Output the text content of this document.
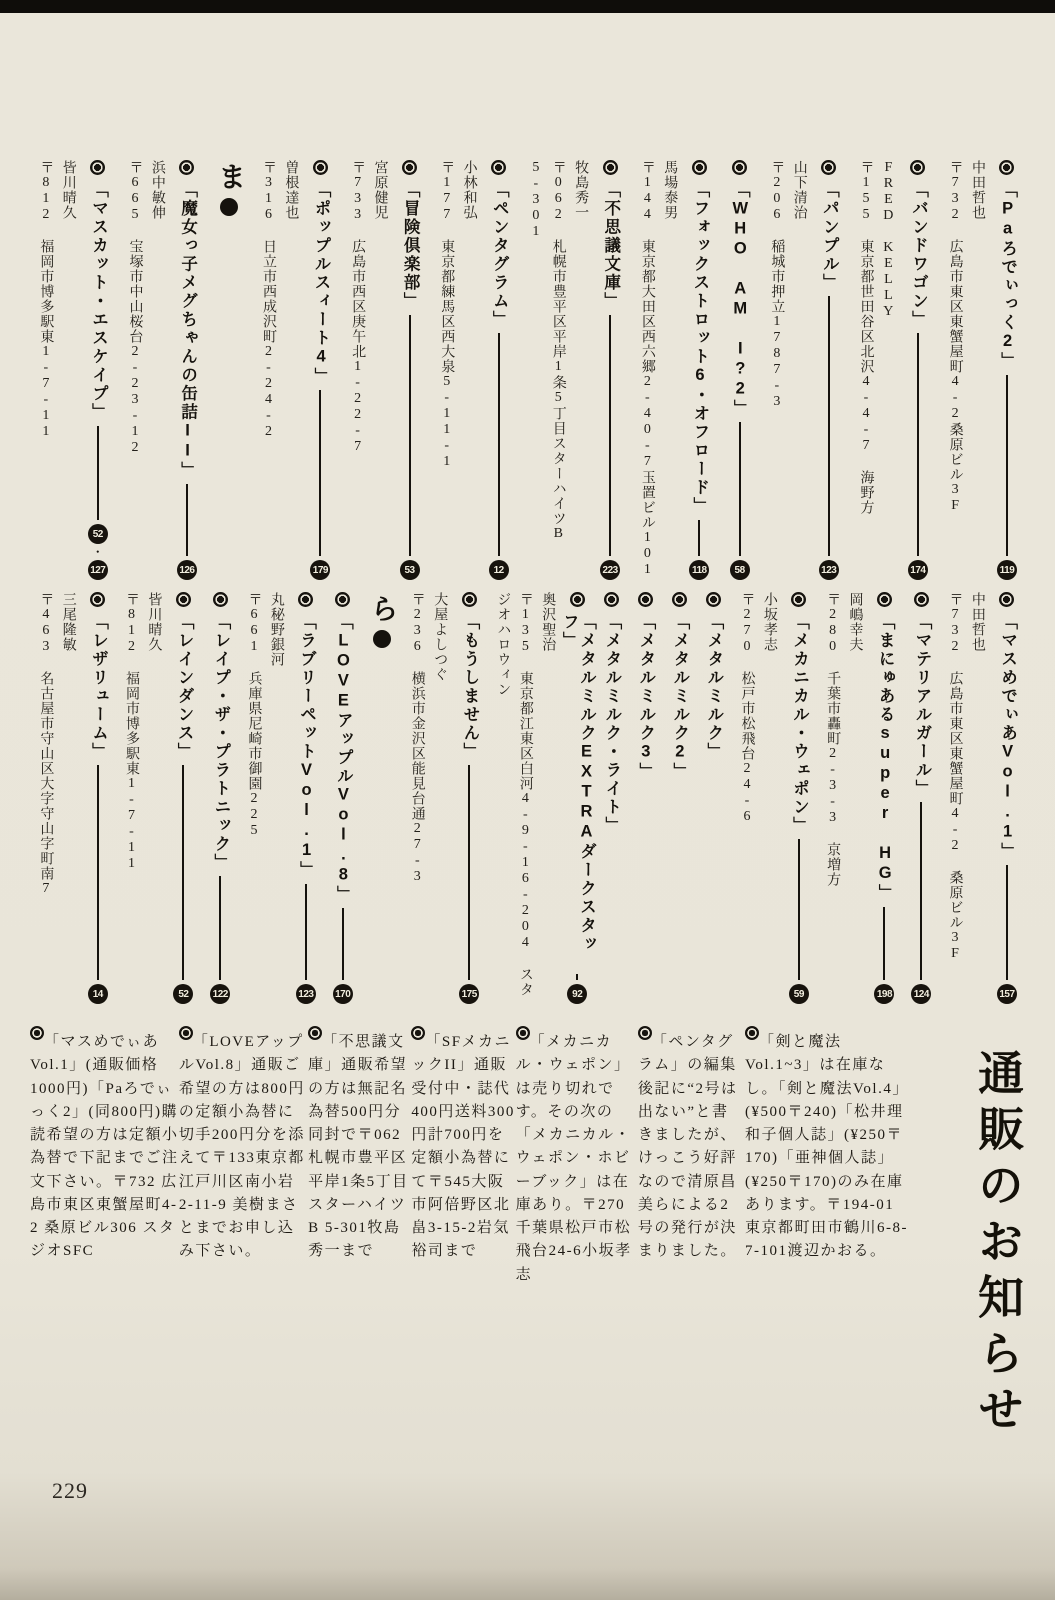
「Paろでぃっく2」
119
中田哲也
〒732 広島市東区東蟹屋町4-2桑原ビル3F
「バンドワゴン」
174
FRED KELLY
〒155 東京都世田谷区北沢4-4-7 海野方
「パンプル」
123
山下清治
〒206 稲城市押立1787-3
「WHO AM I?2」
58
「フォックストロット6・オフロード」
118
馬場泰男
〒144 東京都大田区西六郷2-40-7玉置ビル101
「不思議文庫」
223
牧島秀一
〒062 札幌市豊平区平岸1条5丁目スターハイツB 5-301
「ペンタグラム」
12
小林和弘
〒177 東京都練馬区西大泉5-11-1
「冒険倶楽部」
53
宮原健児
〒733 広島市西区庚午北1-22-7
「ポップルスィート4」
179
曽根達也
〒316 日立市西成沢町2-24-2
ま
「魔女っ子メグちゃんの缶詰II」
126
浜中敏伸
〒665 宝塚市中山桜台2-23-12
「マスカット・エスケイプ」
52
・
127
皆川晴久
〒812 福岡市博多駅東1-7-11
「マスめでぃあVol.1」
157
中田哲也
〒732 広島市東区東蟹屋町4-2 桑原ビル3F
「マテリアルガール」
124
「まにゅあるsuper HG」
198
岡嶋幸夫
〒280 千葉市轟町2-3-3 京増方
「メカニカル・ウェポン」
59
小坂孝志
〒270 松戸市松飛台24-6
「メタルミルク」
「メタルミルク2」
「メタルミルク3」
「メタルミルク・ライト」
「メタルミルクEXTRAダークスタッフ」
92
奥沢聖治
〒135 東京都江東区白河4-9-16-204 スタジオハロウィン
「もうしません」
175
大屋よしつぐ
〒236 横浜市金沢区能見台通27-3
ら
「LOVEアップルVol.8」
170
「ラブリーペットVol.1」
123
丸秘野銀河
〒661 兵庫県尼崎市御園225
「レイプ・ザ・プラトニック」
122
「レインダンス」
52
皆川晴久
〒812 福岡市博多駅東1-7-11
「レザリューム」
14
三尾隆敏
〒463 名古屋市守山区大字守山字町南7
通販のお知らせ
「剣と魔法Vol.1~3」は在庫なし。「剣と魔法Vol.4」(¥500〒240)「松井理和子個人誌」(¥250〒170)「亜神個人誌」(¥250〒170)のみ在庫あります。〒194-01東京都町田市鶴川6-8-7-101渡辺かおる。
「ペンタグラム」の編集後記に“2号は出ない”と書きましたが、けっこう好評なので清原昌美らによる2号の発行が決まりました。
「メカニカル・ウェポン」は売り切れです。その次の「メカニカル・ウェポン・ホビーブック」は在庫あり。〒270千葉県松戸市松飛台24-6小坂孝志
「SFメカニックII」通販受付中・誌代400円送料300円計700円を定額小為替にて〒545大阪市阿倍野区北畠3-15-2岩気裕司まで
「不思議文庫」通販希望の方は無記名為替500円分同封で〒062札幌市豊平区平岸1条5丁目スターハイツB 5-301牧島秀一まで
「LOVEアップルVol.8」通販ご希望の方は800円の定額小為替に切手200円分を添えて〒133東京都江戸川区南小岩2-11-9 美樹まさとまでお申し込み下さい。
「マスめでぃあVol.1」(通販価格1000円)「Paろでぃっく2」(同800円)購読希望の方は定額小為替で下記までご注文下さい。〒732 広島市東区東蟹屋町4-2 桑原ビル306 スタジオSFC
229
